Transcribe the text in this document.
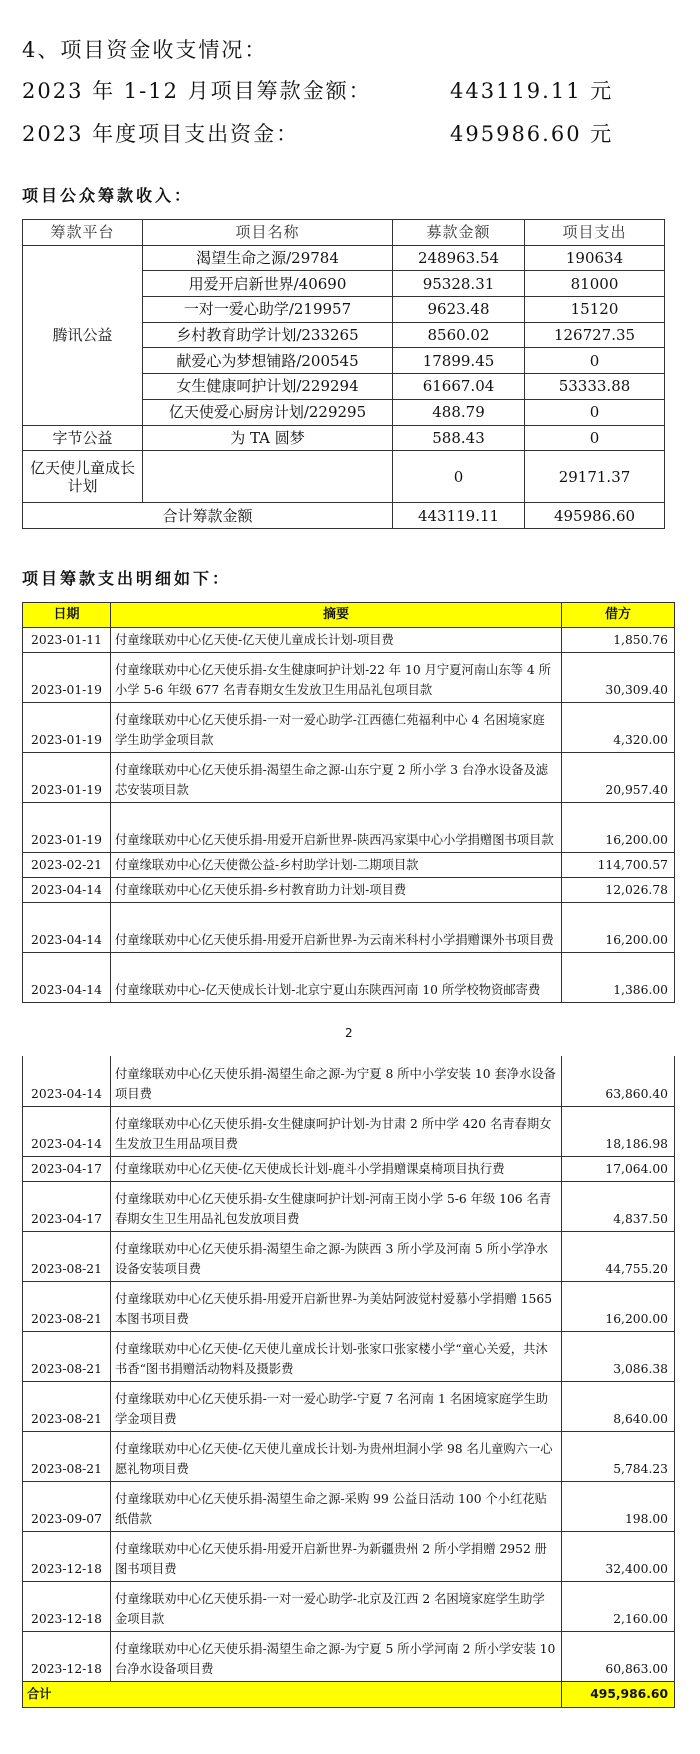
4、项目资金收支情况：
2023 年 1-12 月项目筹款金额：	443119.11 元
2023 年度项目支出资金：	495986.60 元
项目公众筹款收入：
筹款平台	项目名称	募款金额	项目支出
腾讯公益	渴望生命之源/29784	248963.54	190634
	用爱开启新世界/40690	95328.31	81000
	一对一爱心助学/219957	9623.48	15120
	乡村教育助学计划/233265	8560.02	126727.35
	献爱心为梦想铺路/200545	17899.45	0
	女生健康呵护计划/229294	61667.04	53333.88
	亿天使爱心厨房计划/229295	488.79	0
字节公益	为 TA 圆梦	588.43	0
亿天使儿童成长计划		0	29171.37
合计筹款金额		443119.11	495986.60
项目筹款支出明细如下：
日期	摘要	借方
2023-01-11	付童缘联劝中心亿天使-亿天使儿童成长计划-项目费	1,850.76
2023-01-19	付童缘联劝中心亿天使乐捐-女生健康呵护计划-22 年 10 月宁夏河南山东等 4 所小学 5-6 年级 677 名青春期女生发放卫生用品礼包项目款	30,309.40
2023-01-19	付童缘联劝中心亿天使乐捐-一对一爱心助学-江西德仁苑福利中心 4 名困境家庭学生助学金项目款	4,320.00
2023-01-19	付童缘联劝中心亿天使乐捐-渴望生命之源-山东宁夏 2 所小学 3 台净水设备及滤芯安装项目款	20,957.40
2023-01-19	付童缘联劝中心亿天使乐捐-用爱开启新世界-陕西冯家渠中心小学捐赠图书项目款	16,200.00
2023-02-21	付童缘联劝中心亿天使微公益-乡村助学计划-二期项目款	114,700.57
2023-04-14	付童缘联劝中心亿天使乐捐-乡村教育助力计划-项目费	12,026.78
2023-04-14	付童缘联劝中心亿天使乐捐-用爱开启新世界-为云南米科村小学捐赠课外书项目费	16,200.00
2023-04-14	付童缘联劝中心-亿天使成长计划-北京宁夏山东陕西河南 10 所学校物资邮寄费	1,386.00
2
2023-04-14	付童缘联劝中心亿天使乐捐-渴望生命之源-为宁夏 8 所中小学安装 10 套净水设备项目费	63,860.40
2023-04-14	付童缘联劝中心亿天使乐捐-女生健康呵护计划-为甘肃 2 所中学 420 名青春期女生发放卫生用品项目费	18,186.98
2023-04-17	付童缘联劝中心亿天使-亿天使成长计划-鹿斗小学捐赠课桌椅项目执行费	17,064.00
2023-04-17	付童缘联劝中心亿天使乐捐-女生健康呵护计划-河南王岗小学 5-6 年级 106 名青春期女生卫生用品礼包发放项目费	4,837.50
2023-08-21	付童缘联劝中心亿天使乐捐-渴望生命之源-为陕西 3 所小学及河南 5 所小学净水设备安装项目费	44,755.20
2023-08-21	付童缘联劝中心亿天使乐捐-用爱开启新世界-为美姑阿波觉村爱慕小学捐赠 1565 本图书项目费	16,200.00
2023-08-21	付童缘联劝中心亿天使-亿天使儿童成长计划-张家口张家楼小学“童心关爱，共沐书香“图书捐赠活动物料及摄影费	3,086.38
2023-08-21	付童缘联劝中心亿天使乐捐-一对一爱心助学-宁夏 7 名河南 1 名困境家庭学生助学金项目费	8,640.00
2023-08-21	付童缘联劝中心亿天使-亿天使儿童成长计划-为贵州坦洞小学 98 名儿童购六一心愿礼物项目费	5,784.23
2023-09-07	付童缘联劝中心亿天使乐捐-渴望生命之源-采购 99 公益日活动 100 个小红花贴纸借款	198.00
2023-12-18	付童缘联劝中心亿天使乐捐-用爱开启新世界-为新疆贵州 2 所小学捐赠 2952 册图书项目费	32,400.00
2023-12-18	付童缘联劝中心亿天使乐捐-一对一爱心助学-北京及江西 2 名困境家庭学生助学金项目款	2,160.00
2023-12-18	付童缘联劝中心亿天使乐捐-渴望生命之源-为宁夏 5 所小学河南 2 所小学安装 10 台净水设备项目费	60,863.00
合计		495,986.60
